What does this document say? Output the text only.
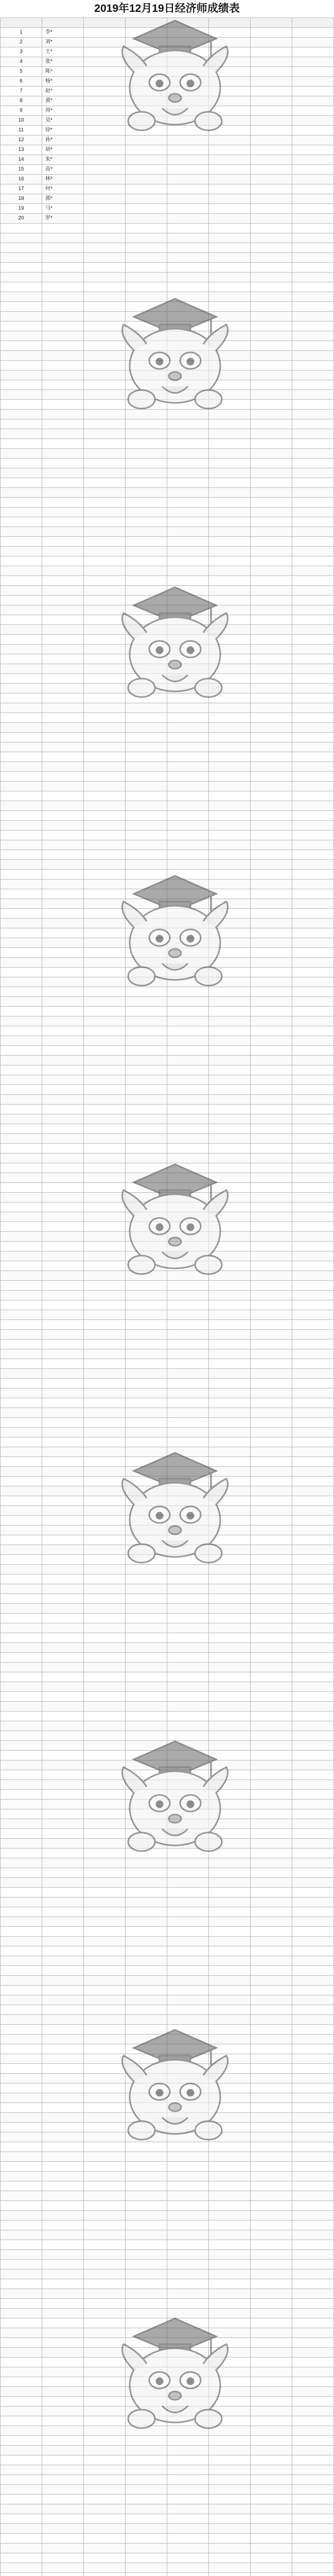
2019年12月19日经济师成绩表

1	李*						
2	刘*						
3	王*						
4	张*						
5	陈*						
6	杨*						
7	赵*						
8	黄*						
9	周*						
10	吴*						
11	徐*						
12	孙*						
13	胡*						
14	朱*						
15	高*						
16	林*						
17	何*						
18	郭*						
19	马*						
20	罗*						
